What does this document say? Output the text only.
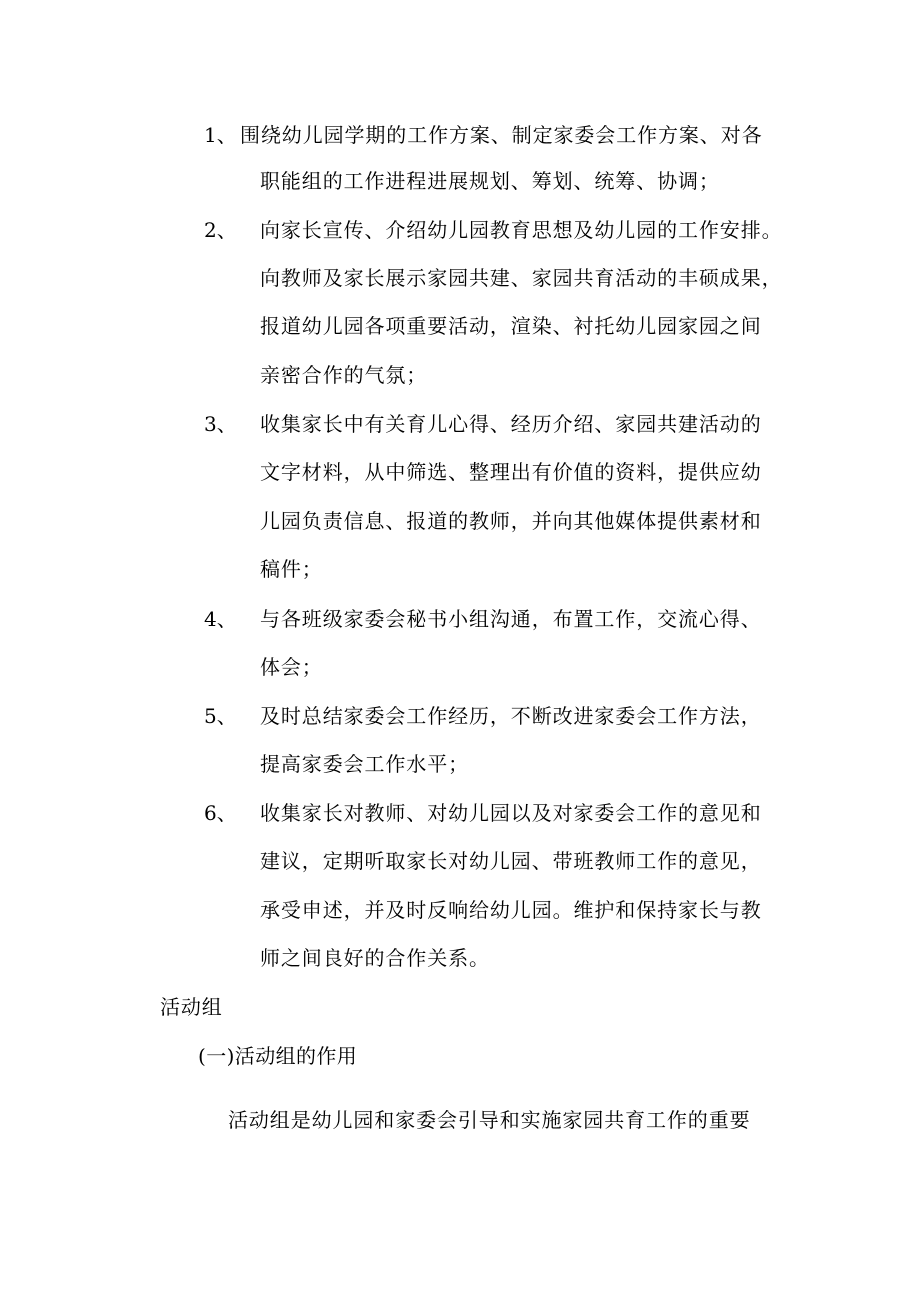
1、 围绕幼儿园学期的工作方案、制定家委会工作方案、对各
职能组的工作进程进展规划、筹划、统筹、协调；
2、 向家长宣传、介绍幼儿园教育思想及幼儿园的工作安排。
向教师及家长展示家园共建、家园共育活动的丰硕成果，
报道幼儿园各项重要活动，渲染、衬托幼儿园家园之间
亲密合作的气氛；
3、 收集家长中有关育儿心得、经历介绍、家园共建活动的
文字材料，从中筛选、整理出有价值的资料，提供应幼
儿园负责信息、报道的教师，并向其他媒体提供素材和
稿件；
4、 与各班级家委会秘书小组沟通，布置工作，交流心得、
体会；
5、 及时总结家委会工作经历，不断改进家委会工作方法，
提高家委会工作水平；
6、 收集家长对教师、对幼儿园以及对家委会工作的意见和
建议，定期听取家长对幼儿园、带班教师工作的意见，
承受申述，并及时反响给幼儿园。维护和保持家长与教
师之间良好的合作关系。
活动组
(一)活动组的作用
活动组是幼儿园和家委会引导和实施家园共育工作的重要
